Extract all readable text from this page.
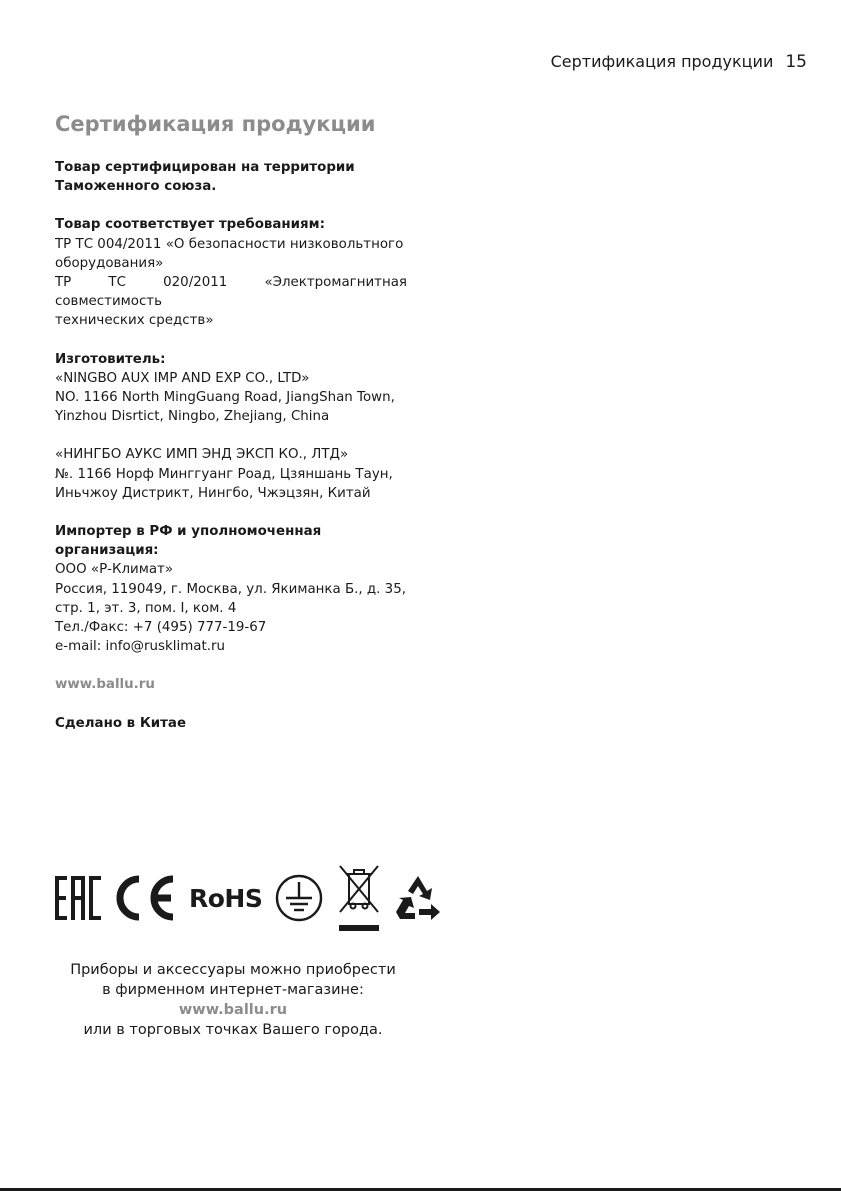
Сертификация продукции 15
Сертификация продукции
Товар сертифицирован на территории
Таможенного союза.
Товар соответствует требованиям:

ТР ТС 004/2011 «О безопасности низковольтного

оборудования»

ТР ТС 020/2011 «Электромагнитная совместимость

технических средств»

Изготовитель:

«NINGBO AUX IMP AND EXP CO., LTD»

NO. 1166 North MingGuang Road, JiangShan Town,

Yinzhou Disrtict, Ningbo, Zhejiang, China

«НИНГБО АУКС ИМП ЭНД ЭКСП КО., ЛТД»

№. 1166 Норф Минггуанг Роад, Цзяншань Таун,

Иньчжоу Дистрикт, Нингбо, Чжэцзян, Китай

Импортер в РФ и уполномоченная
организация:

ООО «Р-Климат»

Россия, 119049, г. Москва, ул. Якиманка Б., д. 35,

стр. 1, эт. 3, пом. I, ком. 4

Тел./Факс: +7 (495) 777-19-67

e-mail: info@rusklimat.ru

www.ballu.ru

Сделано в Китае
RoHS

Приборы и аксессуары можно приобрести

в фирменном интернет-магазине:

www.ballu.ru

или в торговых точках Вашего города.
